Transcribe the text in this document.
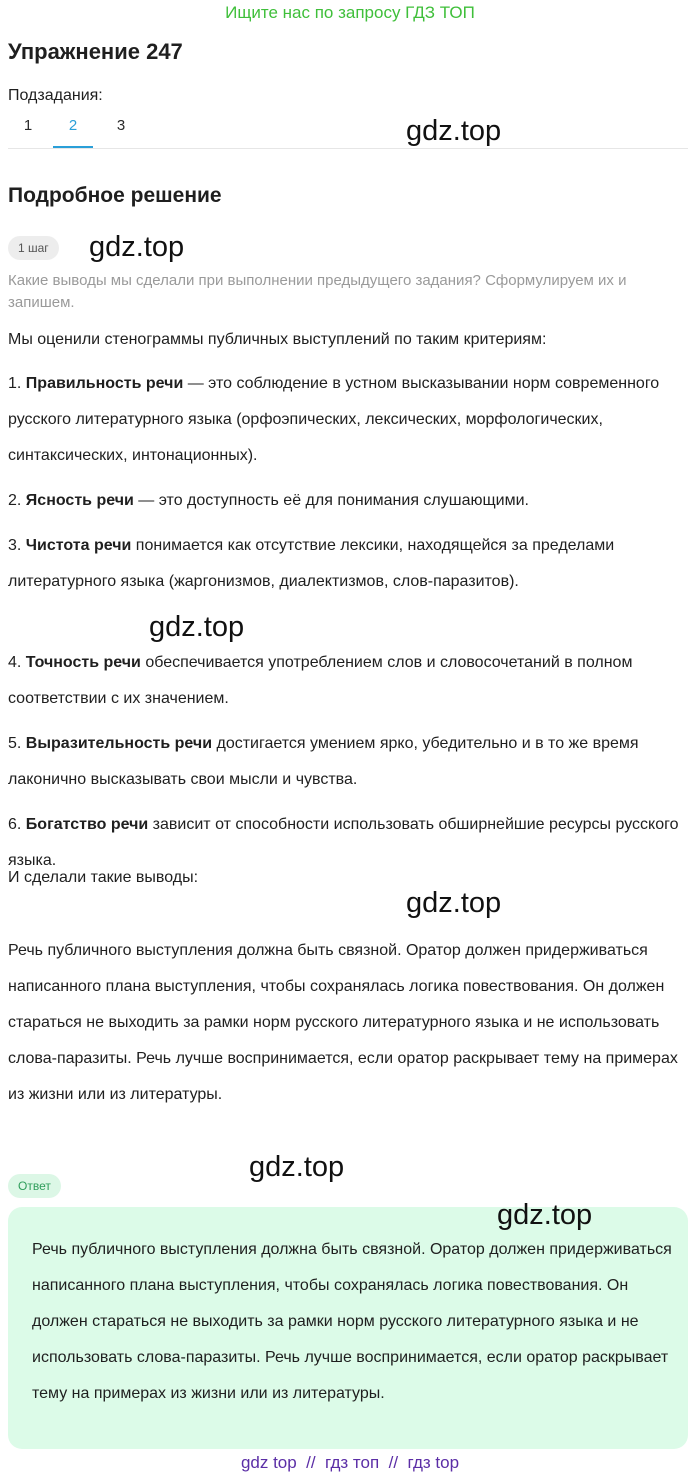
Ищите нас по запросу ГДЗ ТОП
Упражнение 247
Подзадания:
1	2	3	gdz.top
Подробное решение
1 шаг	gdz.top

Какие выводы мы сделали при выполнении предыдущего задания? Сформулируем их и запишем.

Мы оценили стенограммы публичных выступлений по таким критериям:

1. Правильность речи — это соблюдение в устном высказывании норм современного русского литературного языка (орфоэпических, лексических, морфологических, синтаксических, интонационных).

2. Ясность речи — это доступность её для понимания слушающими.

3. Чистота речи понимается как отсутствие лексики, находящейся за пределами литературного языка (жаргонизмов, диалектизмов, слов-паразитов).

gdz.top

4. Точность речи обеспечивается употреблением слов и словосочетаний в полном соответствии с их значением.

5. Выразительность речи достигается умением ярко, убедительно и в то же время лаконично высказывать свои мысли и чувства.

6. Богатство речи зависит от способности использовать обширнейшие ресурсы русского языка.

И сделали такие выводы:

gdz.top

Речь публичного выступления должна быть связной. Оратор должен придерживаться написанного плана выступления, чтобы сохранялась логика повествования. Он должен стараться не выходить за рамки норм русского литературного языка и не использовать слова-паразиты. Речь лучше воспринимается, если оратор раскрывает тему на примерах из жизни или из литературы.

gdz.top
Ответ
gdz.top

Речь публичного выступления должна быть связной. Оратор должен придерживаться написанного плана выступления, чтобы сохранялась логика повествования. Он должен стараться не выходить за рамки норм русского литературного языка и не использовать слова-паразиты. Речь лучше воспринимается, если оратор раскрывает тему на примерах из жизни или из литературы.

gdz top  //  гдз топ  //  гдз top
